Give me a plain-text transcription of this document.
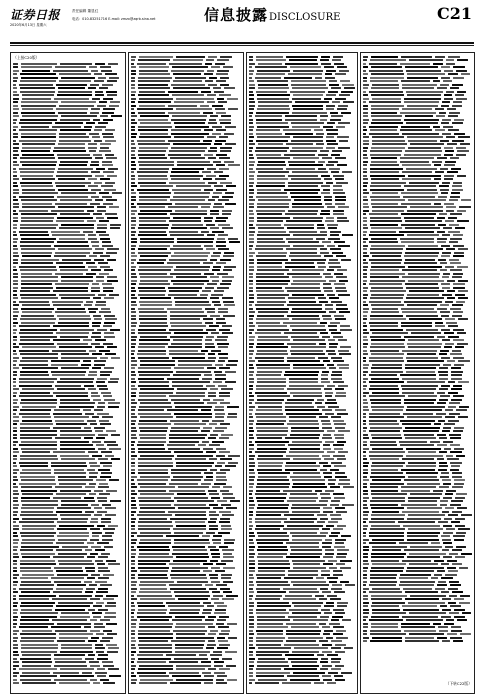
证券日报	责任编辑 董显红
2020年6月13日 星期六
电话：010-83251716 E-mail: zmzx@zqrb.sina.net	信息披露DISCLOSURE	C21
（上接C20版）
（下转C22版）
